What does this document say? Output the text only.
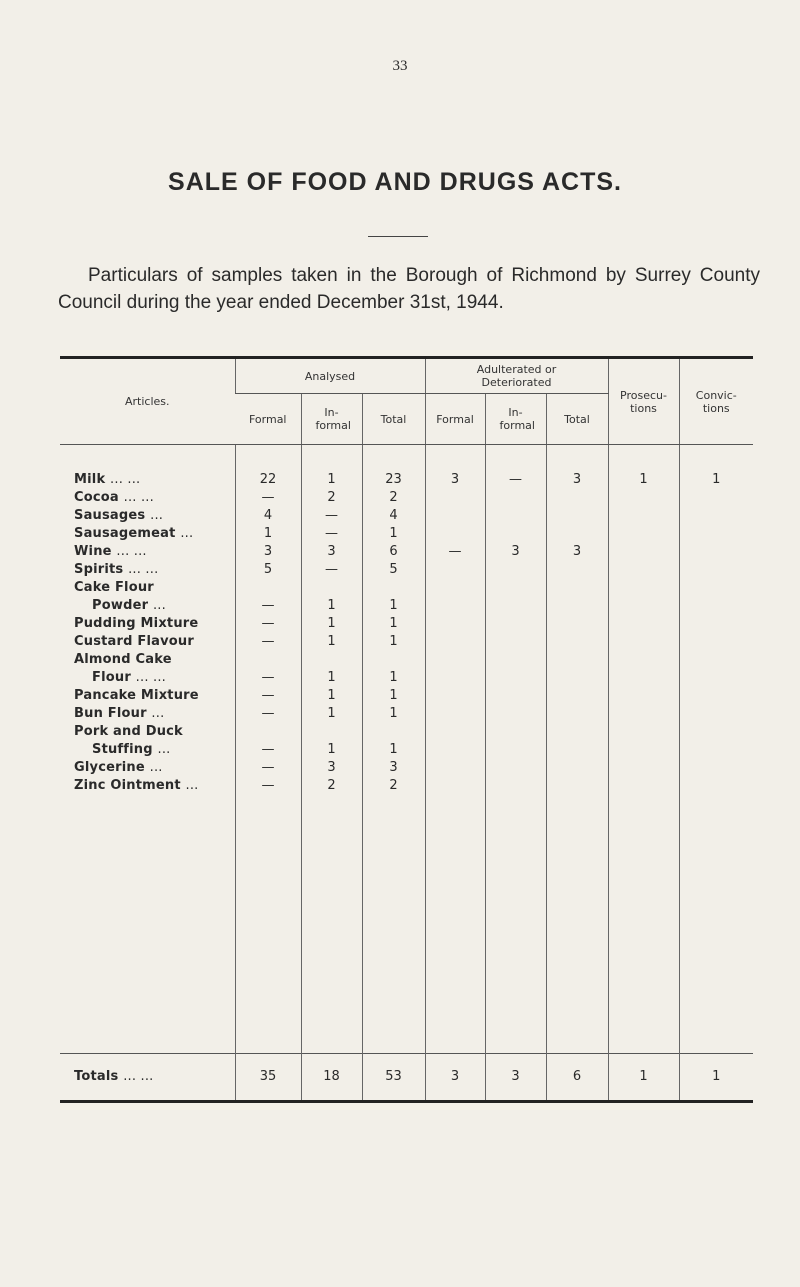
33
SALE OF FOOD AND DRUGS ACTS.
Particulars of samples taken in the Borough of Richmond by Surrey County Council during the year ended December 31st, 1944.
Articles.	Analysed			Adulterated or Deteriorated			Prosecu- tions	Convic- tions
	Formal	In- formal	Total	Formal	In- formal	Total		

Milk ... ...	22	1	23	3	—	3	1	1
Cocoa ... ...	—	2	2					
Sausages ...	4	—	4					
Sausagemeat ...	1	—	1					
Wine ... ...	3	3	6	—	3	3		
Spirits ... ...	5	—	5					
Cake Flour								
Powder ...	—	1	1					
Pudding Mixture	—	1	1					
Custard Flavour	—	1	1					
Almond Cake								
Flour ... ...	—	1	1					
Pancake Mixture	—	1	1					
Bun Flour ...	—	1	1					
Pork and Duck								
Stuffing ...	—	1	1					
Glycerine ...	—	3	3					
Zinc Ointment ...	—	2	2					

Totals ... ...	35	18	53	3	3	6	1	1
